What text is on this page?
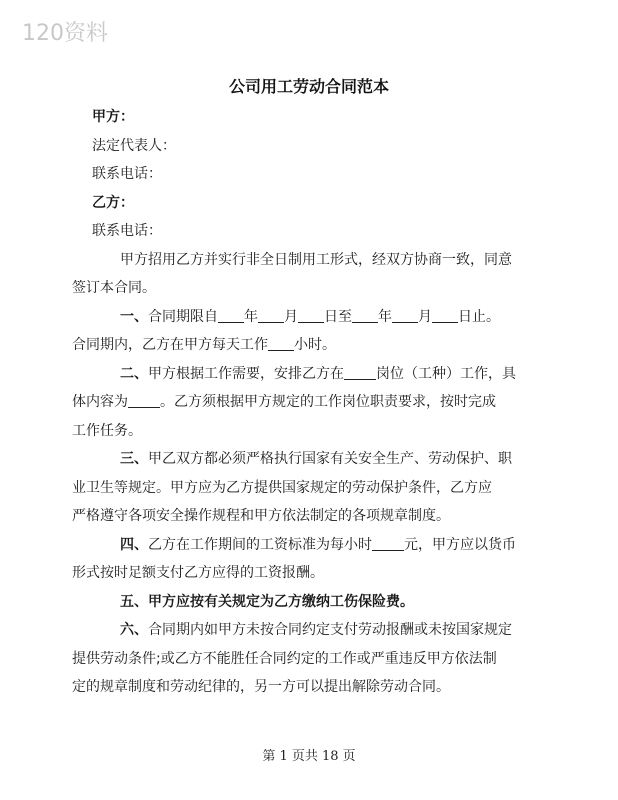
120资料
公司用工劳动合同范本
甲方：
法定代表人：
联系电话：
乙方：
联系电话：
甲方招用乙方并实行非全日制用工形式，经双方协商一致，同意
签订本合同。
一、合同期限自 年 月 日至 年 月 日止。
合同期内，乙方在甲方每天工作 小时。
二、甲方根据工作需要，安排乙方在 岗位（工种）工作，具
体内容为 。乙方须根据甲方规定的工作岗位职责要求，按时完成
工作任务。
三、甲乙双方都必须严格执行国家有关安全生产、劳动保护、职
业卫生等规定。甲方应为乙方提供国家规定的劳动保护条件，乙方应
严格遵守各项安全操作规程和甲方依法制定的各项规章制度。
四、乙方在工作期间的工资标准为每小时 元，甲方应以货币
形式按时足额支付乙方应得的工资报酬。
五、甲方应按有关规定为乙方缴纳工伤保险费。
六、合同期内如甲方未按合同约定支付劳动报酬或未按国家规定
提供劳动条件;或乙方不能胜任合同约定的工作或严重违反甲方依法制
定的规章制度和劳动纪律的，另一方可以提出解除劳动合同。
第 1 页共 18 页
